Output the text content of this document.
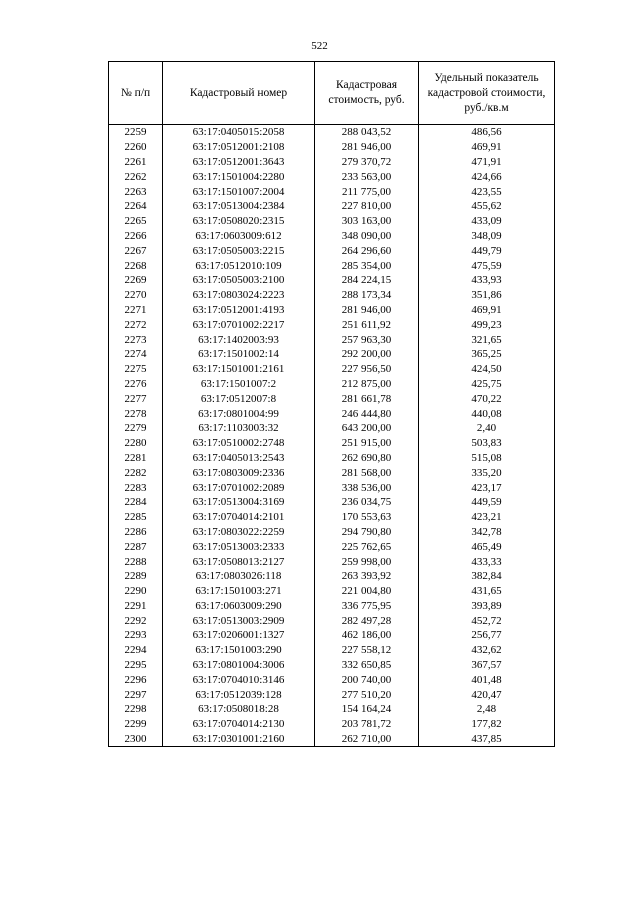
522
№ п/п	Кадастровый номер	Кадастровая стоимость, руб.	Удельный показатель кадастровой стоимости, руб./кв.м
2259	63:17:0405015:2058	288 043,52	486,56
2260	63:17:0512001:2108	281 946,00	469,91
2261	63:17:0512001:3643	279 370,72	471,91
2262	63:17:1501004:2280	233 563,00	424,66
2263	63:17:1501007:2004	211 775,00	423,55
2264	63:17:0513004:2384	227 810,00	455,62
2265	63:17:0508020:2315	303 163,00	433,09
2266	63:17:0603009:612	348 090,00	348,09
2267	63:17:0505003:2215	264 296,60	449,79
2268	63:17:0512010:109	285 354,00	475,59
2269	63:17:0505003:2100	284 224,15	433,93
2270	63:17:0803024:2223	288 173,34	351,86
2271	63:17:0512001:4193	281 946,00	469,91
2272	63:17:0701002:2217	251 611,92	499,23
2273	63:17:1402003:93	257 963,30	321,65
2274	63:17:1501002:14	292 200,00	365,25
2275	63:17:1501001:2161	227 956,50	424,50
2276	63:17:1501007:2	212 875,00	425,75
2277	63:17:0512007:8	281 661,78	470,22
2278	63:17:0801004:99	246 444,80	440,08
2279	63:17:1103003:32	643 200,00	2,40
2280	63:17:0510002:2748	251 915,00	503,83
2281	63:17:0405013:2543	262 690,80	515,08
2282	63:17:0803009:2336	281 568,00	335,20
2283	63:17:0701002:2089	338 536,00	423,17
2284	63:17:0513004:3169	236 034,75	449,59
2285	63:17:0704014:2101	170 553,63	423,21
2286	63:17:0803022:2259	294 790,80	342,78
2287	63:17:0513003:2333	225 762,65	465,49
2288	63:17:0508013:2127	259 998,00	433,33
2289	63:17:0803026:118	263 393,92	382,84
2290	63:17:1501003:271	221 004,80	431,65
2291	63:17:0603009:290	336 775,95	393,89
2292	63:17:0513003:2909	282 497,28	452,72
2293	63:17:0206001:1327	462 186,00	256,77
2294	63:17:1501003:290	227 558,12	432,62
2295	63:17:0801004:3006	332 650,85	367,57
2296	63:17:0704010:3146	200 740,00	401,48
2297	63:17:0512039:128	277 510,20	420,47
2298	63:17:0508018:28	154 164,24	2,48
2299	63:17:0704014:2130	203 781,72	177,82
2300	63:17:0301001:2160	262 710,00	437,85
